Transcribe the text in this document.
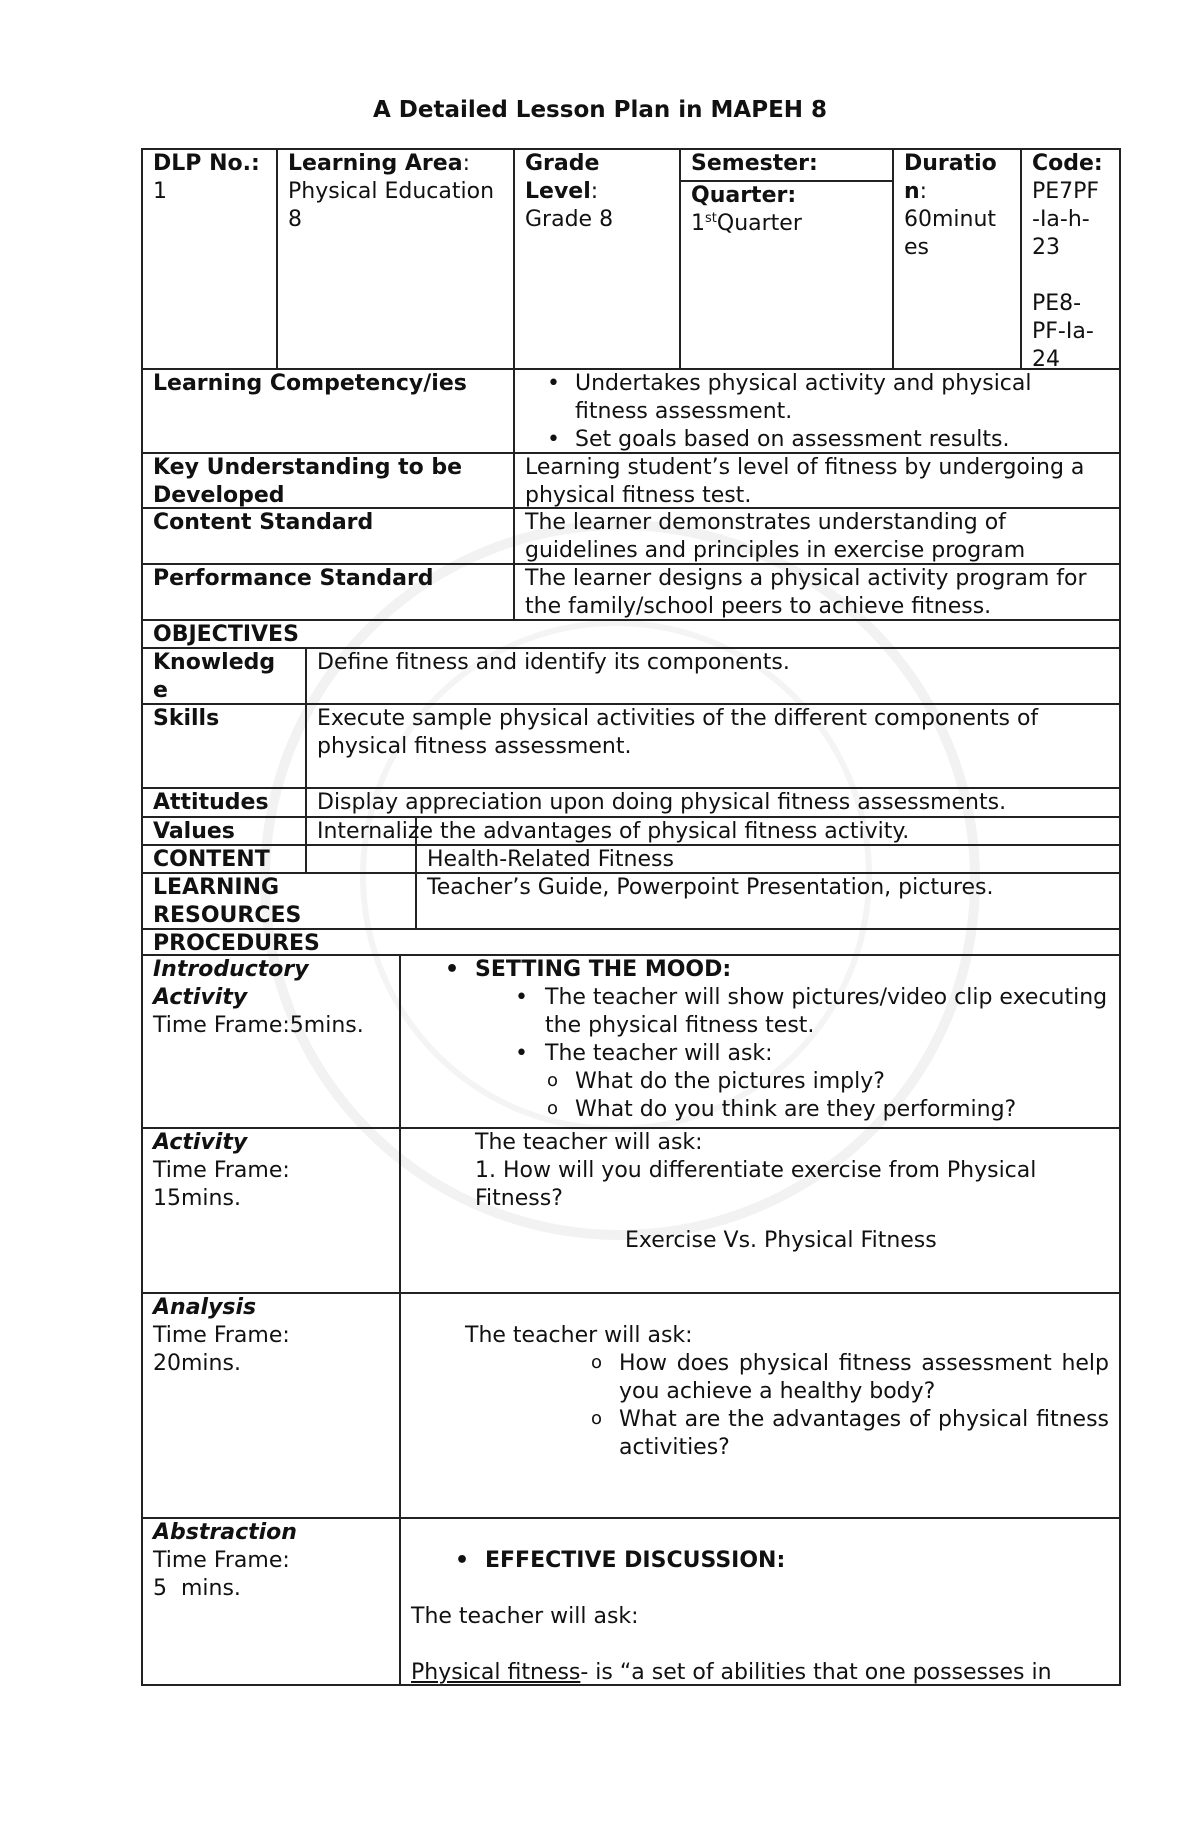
A Detailed Lesson Plan in MAPEH 8
DLP No.: 1
Learning Area:
Physical Education 8
Grade Level:
Grade 8
Semester:
Quarter:
1stQuarter
Duratio n:
60minut es
Code:
PE7PF -Ia-h- 23
PE8- PF-Ia- 24
Learning Competency/ies
•	Undertakes physical activity and physical fitness assessment.
• Set goals based on assessment results.
Key Understanding to be Developed
Learning student’s level of fitness by undergoing a physical fitness test.
Content Standard	The learner demonstrates understanding of guidelines and principles in exercise program
Performance Standard	The learner designs a physical activity program for the family/school peers to achieve fitness.
OBJECTIVES
Knowledg e
Define fitness and identify its components.
Skills	Execute sample physical activities of the different components of physical fitness assessment.
Attitudes	Display appreciation upon doing physical fitness assessments.
Values	Internalize the advantages of physical fitness activity.
CONTENT	Health-Related Fitness
LEARNING RESOURCES
Teacher’s Guide, Powerpoint Presentation, pictures.
PROCEDURES
Introductory Activity
Time Frame:5mins.
• SETTING THE MOOD:
• The teacher will show pictures/video clip executing the physical fitness test.
• The teacher will ask:
o What do the pictures imply?
o What do you think are they performing?
Activity
Time Frame:
15mins.
The teacher will ask:
1. How will you differentiate exercise from Physical Fitness?
Exercise Vs. Physical Fitness
Analysis
Time Frame:
20mins.
The teacher will ask:
o How does physical fitness assessment help you achieve a healthy body?
o What are the advantages of physical fitness activities?
Abstraction
Time Frame:
5  mins.
• EFFECTIVE DISCUSSION:
The teacher will ask:
Physical fitness- is “a set of abilities that one possesses in
